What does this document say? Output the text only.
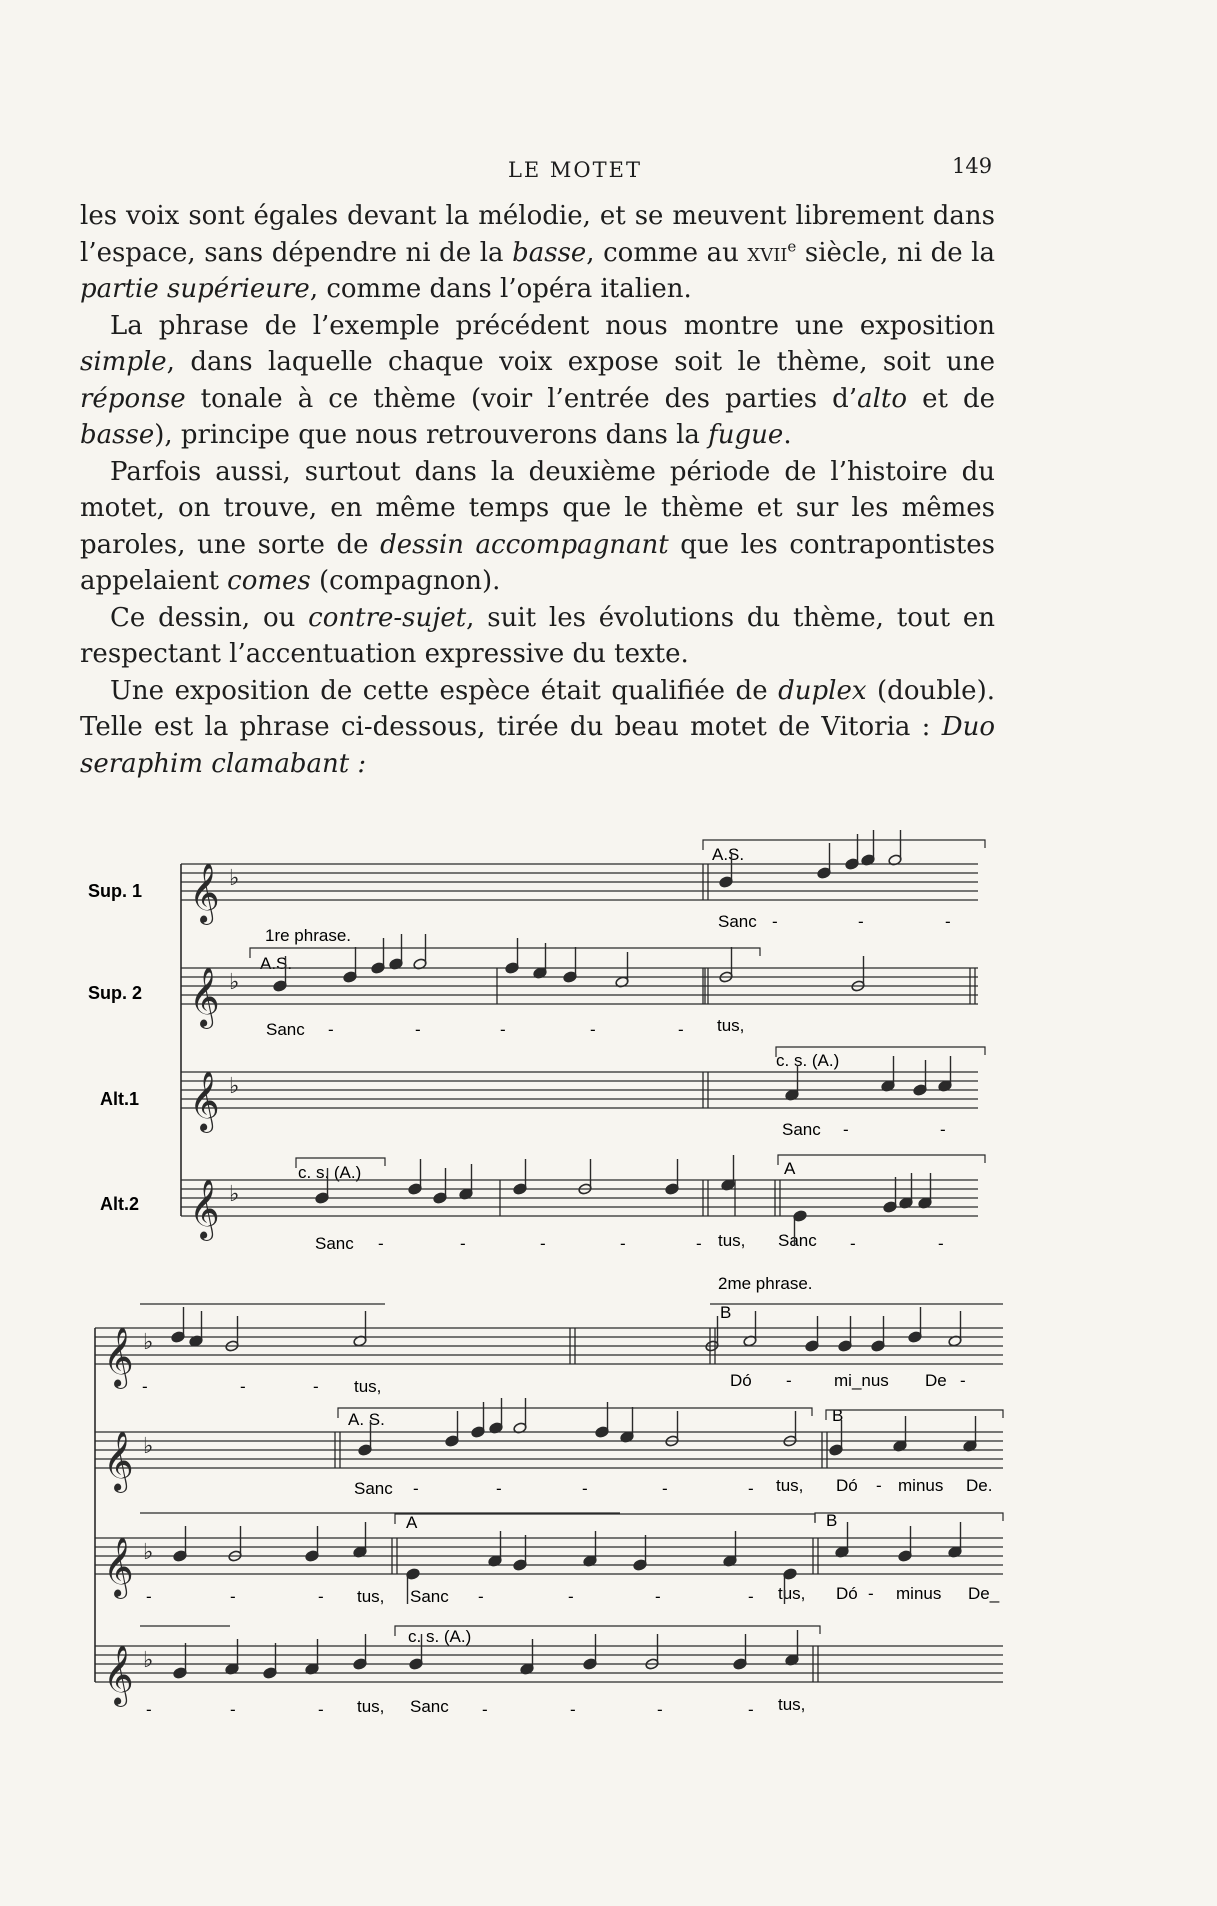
LE MOTET	149

les voix sont égales devant la mélodie, et se meuvent librement dans l’espace, sans dépendre ni de la basse, comme au xvii$^e$ siècle, ni de la partie supérieure, comme dans l’opéra italien.

La phrase de l’exemple précédent nous montre une exposition simple, dans laquelle chaque voix expose soit le thème, soit une réponse tonale à ce thème (voir l’entrée des parties d’alto et de basse), principe que nous retrouverons dans la fugue.

Parfois aussi, surtout dans la deuxième période de l’histoire du motet, on trouve, en même temps que le thème et sur les mêmes paroles, une sorte de dessin accompagnant que les contrapontistes appelaient comes (compagnon).

Ce dessin, ou contre-sujet, suit les évolutions du thème, tout en respectant l’accentuation expressive du texte.

Une exposition de cette espèce était qualifiée de duplex (double). Telle est la phrase ci-dessous, tirée du beau motet de Vitoria : Duo seraphim clamabant :

Sup. 1
Sup. 2
Alt.1
Alt.2
1re phrase.
2me phrase.
A.S.
A.S.
c. s. (A.)
c. s. (A.)	A
B
A. S.	B
A	B
c. s. (A.)
Sanc -	-	-
Sanc -	-	-	-	- tus,
Sanc -	-
Sanc -	-	-	-	- tus, Sanc -	-
-	-	- tus,	Dó - mi_nus De -
Sanc -	-	-	-	- tus, Dó - minus De.
-	-	- tus, Sanc -	-	-	- tus, Dó - minus De_
-	-	- tus, Sanc -	-	-	- tus,
𝄞 ♭
𝄞 ♭
𝄞 ♭
𝄞 ♭
𝄞 ♭
𝄞 ♭
𝄞 ♭
𝄞 ♭
